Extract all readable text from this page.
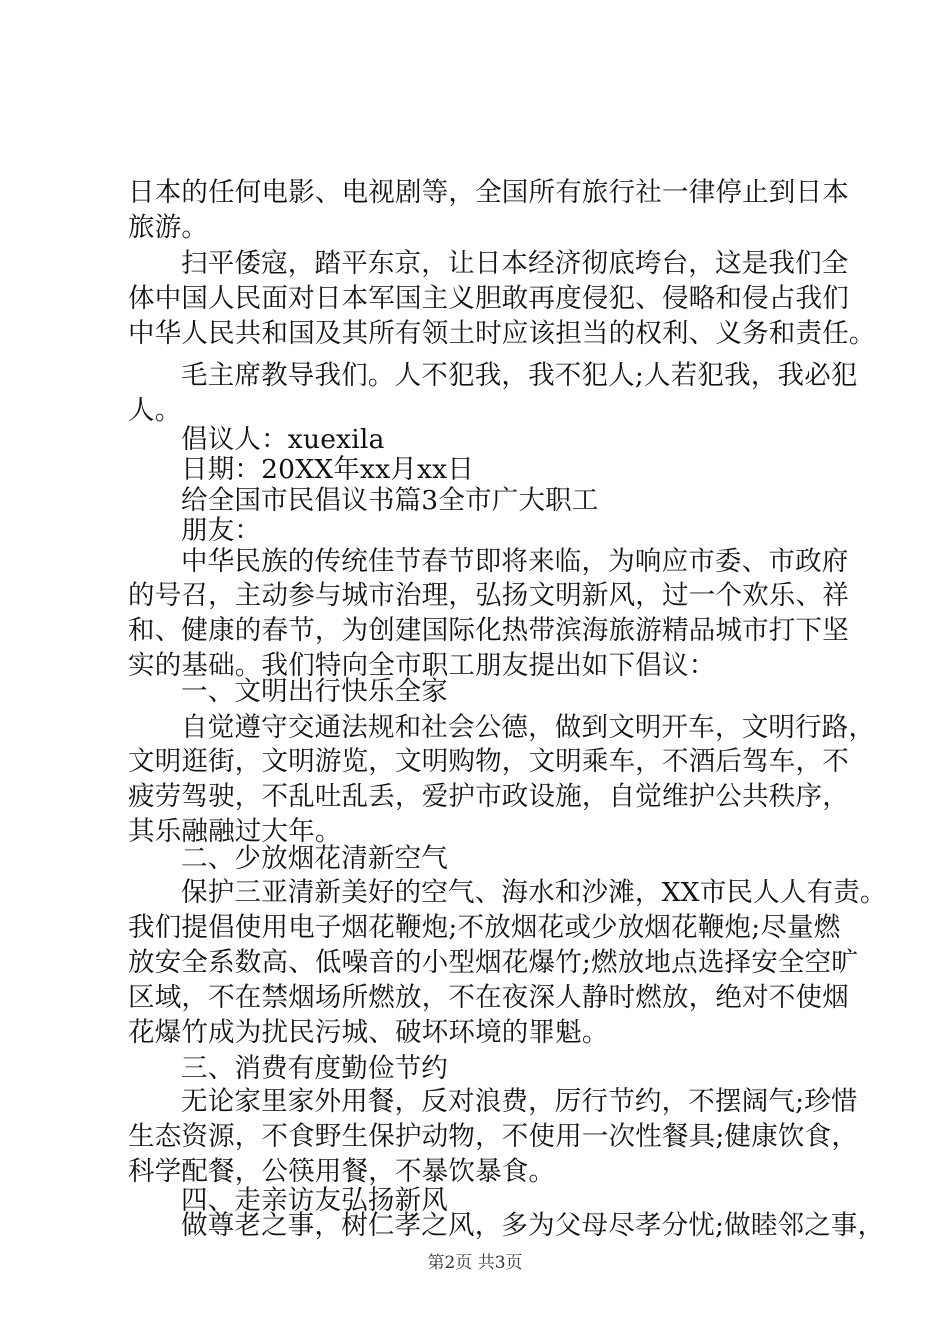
日本的任何电影、电视剧等，全国所有旅行社一律停止到日本
旅游。
扫平倭寇，踏平东京，让日本经济彻底垮台，这是我们全
体中国人民面对日本军国主义胆敢再度侵犯、侵略和侵占我们
中华人民共和国及其所有领土时应该担当的权利、义务和责任。
毛主席教导我们。人不犯我，我不犯人;人若犯我，我必犯
人。
倡议人：xuexila
日期：20XX年xx月xx日
给全国市民倡议书篇3全市广大职工
朋友：
中华民族的传统佳节春节即将来临，为响应市委、市政府
的号召，主动参与城市治理，弘扬文明新风，过一个欢乐、祥
和、健康的春节，为创建国际化热带滨海旅游精品城市打下坚
实的基础。我们特向全市职工朋友提出如下倡议：
一、文明出行快乐全家
自觉遵守交通法规和社会公德，做到文明开车，文明行路，
文明逛街，文明游览，文明购物，文明乘车，不酒后驾车，不
疲劳驾驶，不乱吐乱丢，爱护市政设施，自觉维护公共秩序，
其乐融融过大年。
二、少放烟花清新空气
保护三亚清新美好的空气、海水和沙滩，XX市民人人有责。
我们提倡使用电子烟花鞭炮;不放烟花或少放烟花鞭炮;尽量燃
放安全系数高、低噪音的小型烟花爆竹;燃放地点选择安全空旷
区域，不在禁烟场所燃放，不在夜深人静时燃放，绝对不使烟
花爆竹成为扰民污城、破坏环境的罪魁。
三、消费有度勤俭节约
无论家里家外用餐，反对浪费，厉行节约，不摆阔气;珍惜
生态资源，不食野生保护动物，不使用一次性餐具;健康饮食，
科学配餐，公筷用餐，不暴饮暴食。
四、走亲访友弘扬新风
做尊老之事，树仁孝之风，多为父母尽孝分忧;做睦邻之事，
第2页 共3页
